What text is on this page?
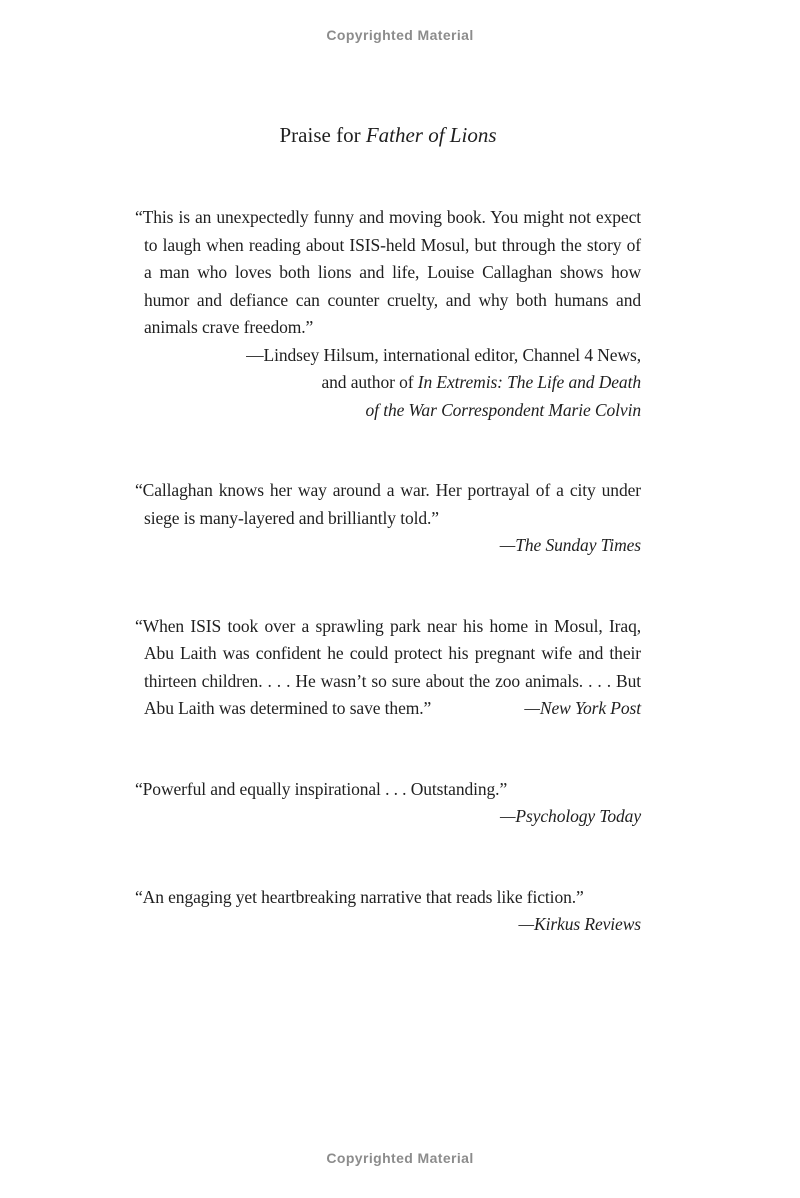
Copyrighted Material
Praise for Father of Lions

“This is an unexpectedly funny and moving book. You might not expect to laugh when reading about ISIS-held Mosul, but through the story of a man who loves both lions and life, Louise Callaghan shows how humor and defiance can counter cruelty, and why both humans and animals crave freedom.”

—Lindsey Hilsum, international editor, Channel 4 News,
and author of In Extremis: The Life and Death
of the War Correspondent Marie Colvin

“Callaghan knows her way around a war. Her portrayal of a city under siege is many-layered and brilliantly told.”

—The Sunday Times

“When ISIS took over a sprawling park near his home in Mosul, Iraq, Abu Laith was confident he could protect his pregnant wife and their thirteen children. . . . He wasn’t so sure about the zoo animals. . . . But Abu Laith was determined to save them.”	—New York Post

“Powerful and equally inspirational . . . Outstanding.”

—Psychology Today

“An engaging yet heartbreaking narrative that reads like fiction.”

—Kirkus Reviews
Copyrighted Material
